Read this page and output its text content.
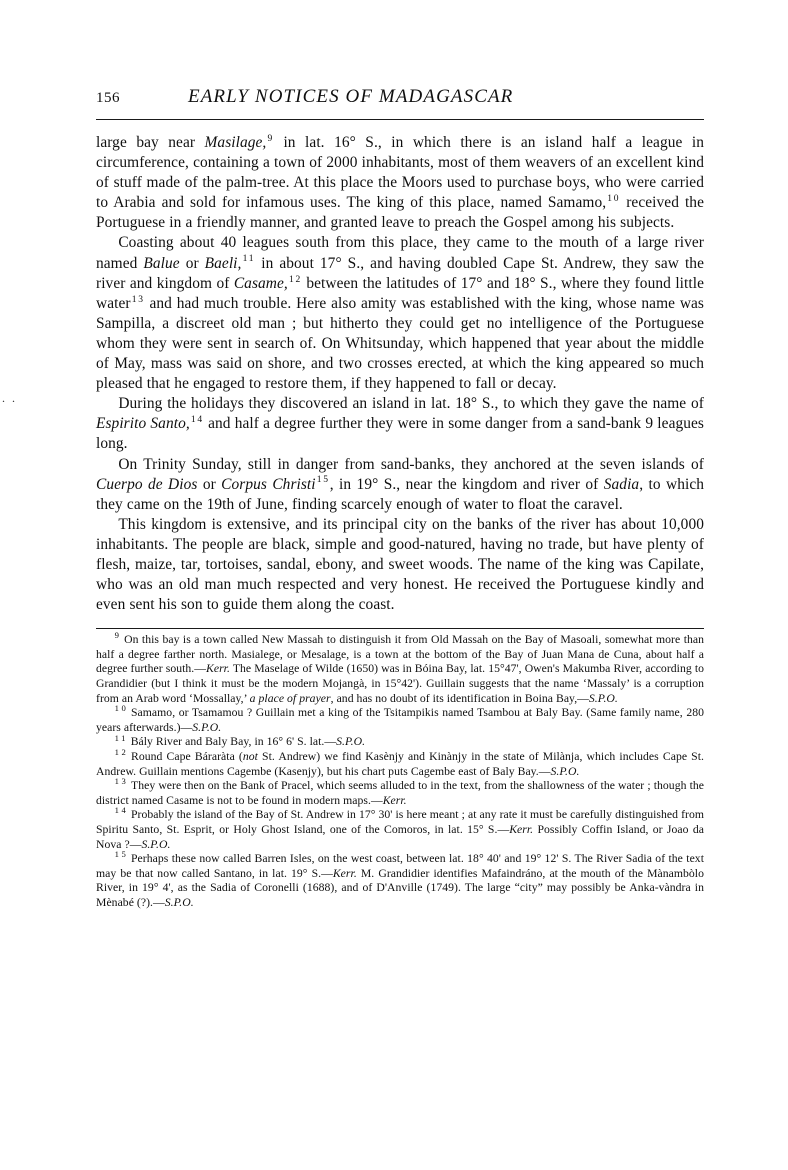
156	EARLY NOTICES OF MADAGASCAR

large bay near Masilage,$^9$ in lat. 16° S., in which there is an island half a league in circumference, containing a town of 2000 inhabitants, most of them weavers of an excellent kind of stuff made of the palm-tree. At this place the Moors used to purchase boys, who were carried to Arabia and sold for infamous uses. The king of this place, named Samamo,$^{10}$ received the Portuguese in a friendly manner, and granted leave to preach the Gospel among his subjects.

Coasting about 40 leagues south from this place, they came to the mouth of a large river named Balue or Baeli,$^{11}$ in about 17° S., and having doubled Cape St. Andrew, they saw the river and kingdom of Casame,$^{12}$ between the latitudes of 17° and 18° S., where they found little water$^{13}$ and had much trouble. Here also amity was established with the king, whose name was Sampilla, a discreet old man ; but hitherto they could get no intelligence of the Portuguese whom they were sent in search of. On Whitsunday, which happened that year about the middle of May, mass was said on shore, and two crosses erected, at which the king appeared so much pleased that he engaged to restore them, if they happened to fall or decay.

During the holidays they discovered an island in lat. 18° S., to which they gave the name of Espirito Santo,$^{14}$ and half a degree further they were in some danger from a sand-bank 9 leagues long.

On Trinity Sunday, still in danger from sand-banks, they anchored at the seven islands of Cuerpo de Dios or Corpus Christi$^{15}$, in 19° S., near the kingdom and river of Sadia, to which they came on the 19th of June, finding scarcely enough of water to float the caravel.

This kingdom is extensive, and its principal city on the banks of the river has about 10,000 inhabitants. The people are black, simple and good-natured, having no trade, but have plenty of flesh, maize, tar, tortoises, sandal, ebony, and sweet woods. The name of the king was Capilate, who was an old man much respected and very honest. He received the Portuguese kindly and even sent his son to guide them along the coast.

$^9$ On this bay is a town called New Massah to distinguish it from Old Massah on the Bay of Masoali, somewhat more than half a degree farther north. Masialege, or Mesalage, is a town at the bottom of the Bay of Juan Mana de Cuna, about half a degree further south.—Kerr. The Maselage of Wilde (1650) was in Bóina Bay, lat. 15°47', Owen's Makumba River, according to Grandidier (but I think it must be the modern Mojangà, in 15°42'). Guillain suggests that the name ‘Massaly’ is a corruption from an Arab word ‘Mossallay,’ a place of prayer, and has no doubt of its identification in Boina Bay,—S.P.O.

$^{10}$ Samamo, or Tsamamou ? Guillain met a king of the Tsitampikis named Tsambou at Baly Bay. (Same family name, 280 years afterwards.)—S.P.O.

$^{11}$ Bály River and Baly Bay, in 16° 6' S. lat.—S.P.O.

$^{12}$ Round Cape Báraràta (not St. Andrew) we find Kasènjy and Kinànjy in the state of Milànja, which includes Cape St. Andrew. Guillain mentions Cagembe (Kasenjy), but his chart puts Cagembe east of Baly Bay.—S.P.O.

$^{13}$ They were then on the Bank of Pracel, which seems alluded to in the text, from the shallowness of the water ; though the district named Casame is not to be found in modern maps.—Kerr.

$^{14}$ Probably the island of the Bay of St. Andrew in 17° 30' is here meant ; at any rate it must be carefully distinguished from Spiritu Santo, St. Esprit, or Holy Ghost Island, one of the Comoros, in lat. 15° S.—Kerr. Possibly Coffin Island, or Joao da Nova ?—S.P.O.

$^{15}$ Perhaps these now called Barren Isles, on the west coast, between lat. 18° 40' and 19° 12' S. The River Sadia of the text may be that now called Santano, in lat. 19° S.—Kerr. M. Grandidier identifies Mafaindráno, at the mouth of the Mànambòlo River, in 19° 4', as the Sadia of Coronelli (1688), and of D'Anville (1749). The large “city” may possibly be Anka-vàndra in Mènabé (?).—S.P.O.

. .
